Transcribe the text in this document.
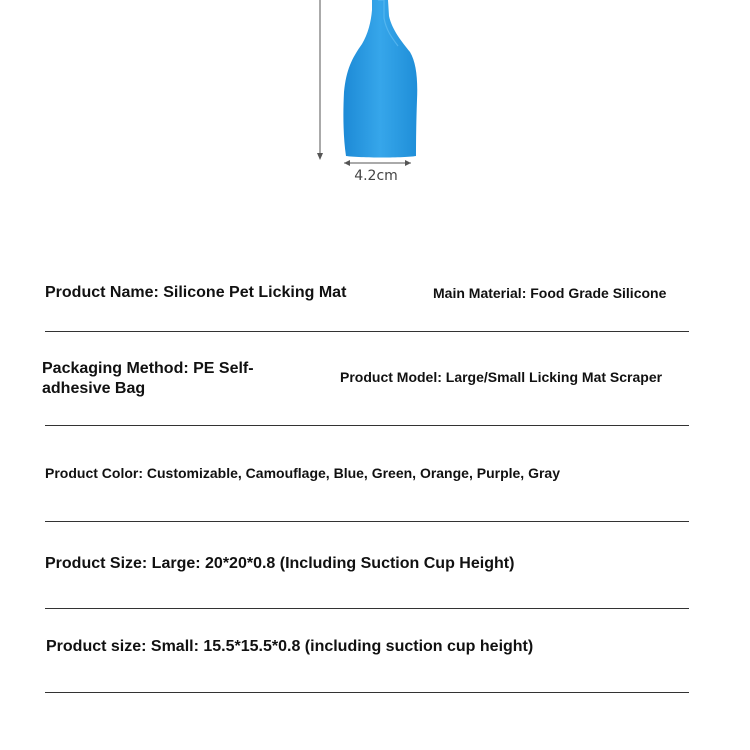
4.2cm
Product Name: Silicone Pet Licking Mat	Main Material: Food Grade Silicone
Packaging Method: PE Self-adhesive Bag
Product Model: Large/Small Licking Mat Scraper
Product Color: Customizable, Camouflage, Blue, Green, Orange, Purple, Gray
Product Size: Large: 20*20*0.8 (Including Suction Cup Height)
Product size: Small: 15.5*15.5*0.8 (including suction cup height)
